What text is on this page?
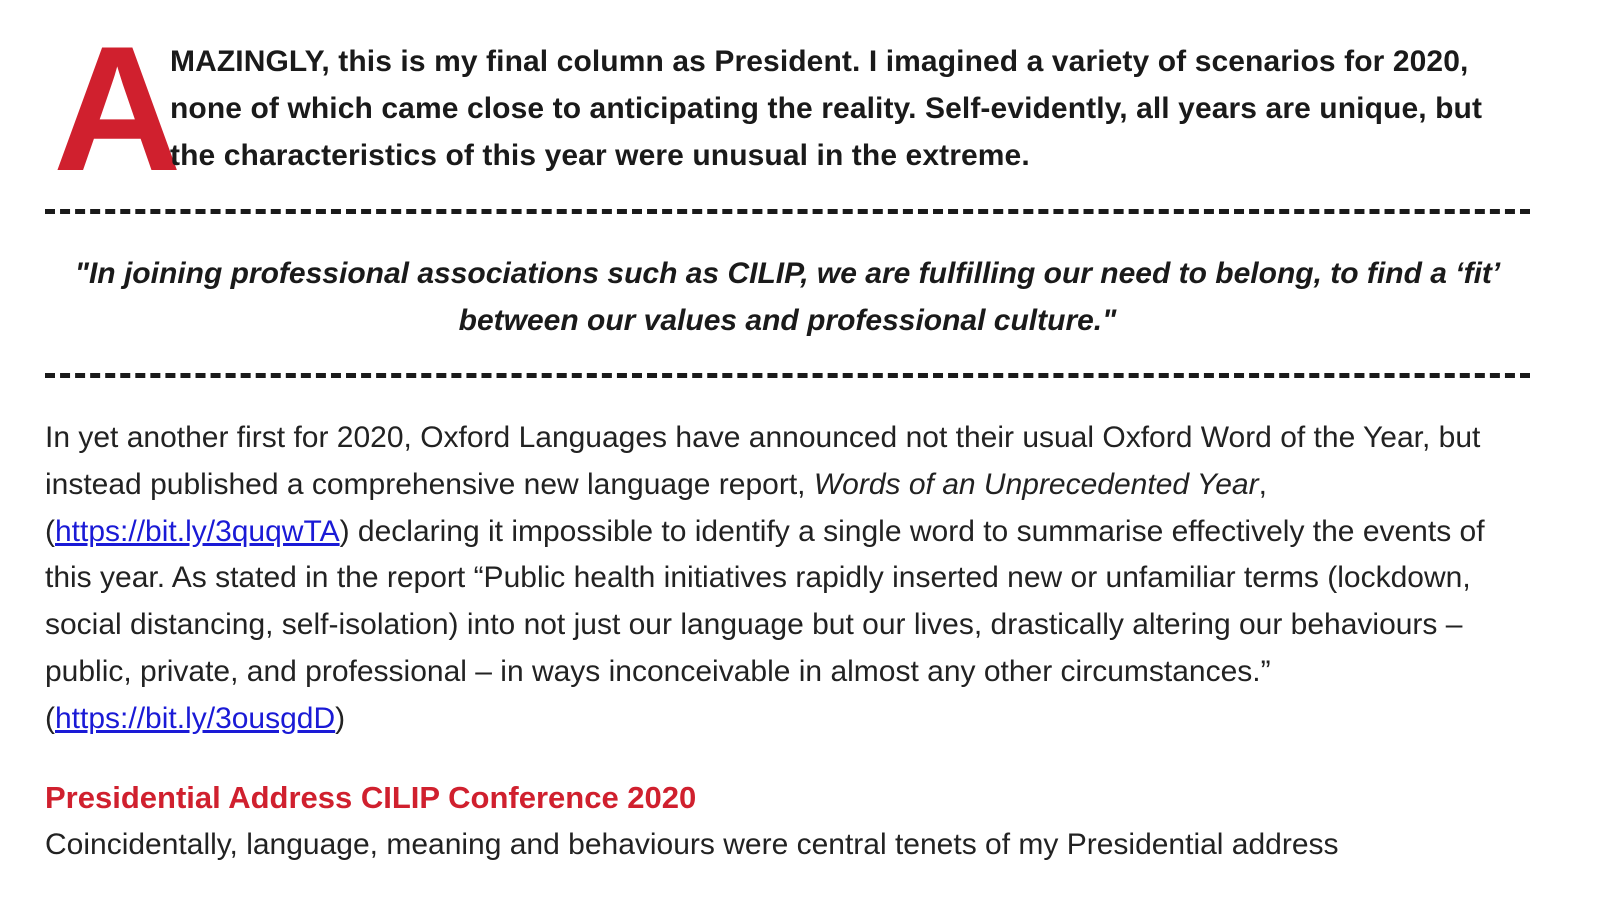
A
MAZINGLY, this is my final column as President. I imagined a variety of scenarios for 2020, none of which came close to anticipating the reality. Self-evidently, all years are unique, but the characteristics of this year were unusual in the extreme.
"In joining professional associations such as CILIP, we are fulfilling our need to belong, to find a ‘fit’ between our values and professional culture."

In yet another first for 2020, Oxford Languages have announced not their usual Oxford Word of the Year, but instead published a comprehensive new language report, Words of an Unprecedented Year, (https://bit.ly/3quqwTA) declaring it impossible to identify a single word to summarise effectively the events of this year. As stated in the report “Public health initiatives rapidly inserted new or unfamiliar terms (lockdown, social distancing, self-isolation) into not just our language but our lives, drastically altering our behaviours – public, private, and professional – in ways inconceivable in almost any other circumstances.” (https://bit.ly/3ousgdD)

Presidential Address CILIP Conference 2020

Coincidentally, language, meaning and behaviours were central tenets of my Presidential address
